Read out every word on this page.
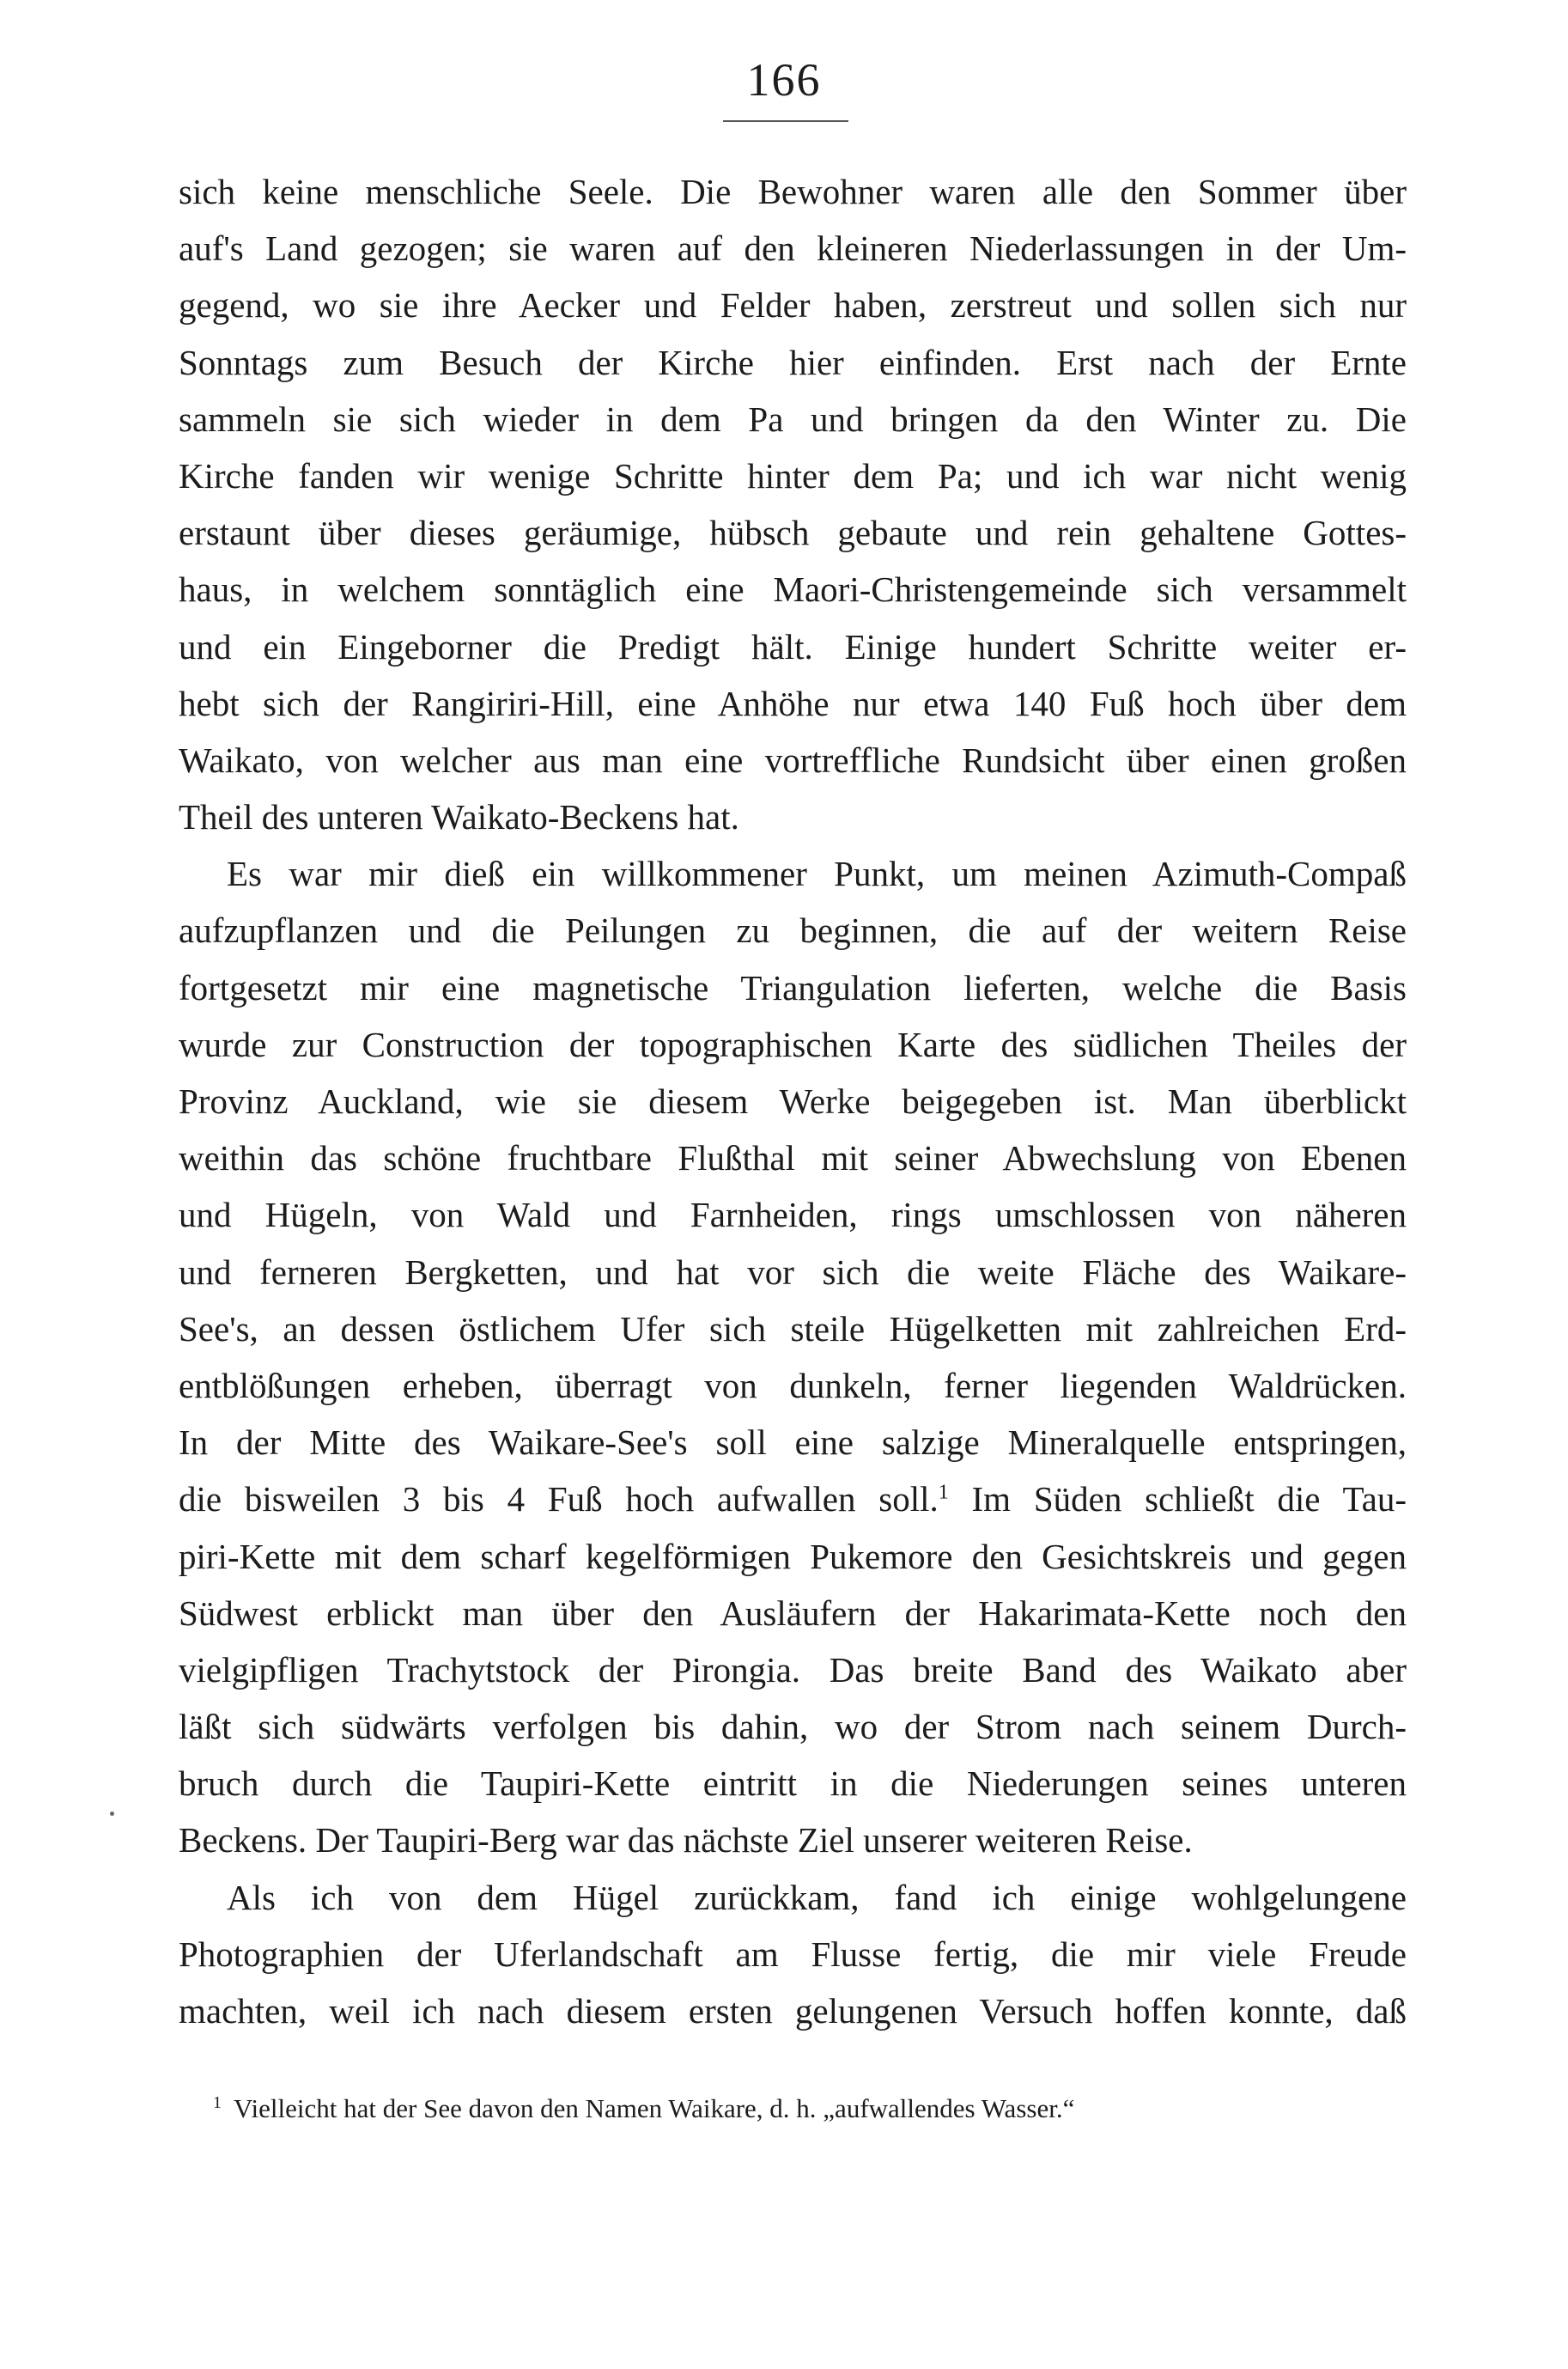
166
sich keine menschliche Seele. Die Bewohner waren alle den Sommer über
auf's Land gezogen; sie waren auf den kleineren Niederlassungen in der Um-
gegend, wo sie ihre Aecker und Felder haben, zerstreut und sollen sich nur
Sonntags zum Besuch der Kirche hier einfinden. Erst nach der Ernte
sammeln sie sich wieder in dem Pa und bringen da den Winter zu. Die
Kirche fanden wir wenige Schritte hinter dem Pa; und ich war nicht wenig
erstaunt über dieses geräumige, hübsch gebaute und rein gehaltene Gottes-
haus, in welchem sonntäglich eine Maori-Christengemeinde sich versammelt
und ein Eingeborner die Predigt hält. Einige hundert Schritte weiter er-
hebt sich der Rangiriri-Hill, eine Anhöhe nur etwa 140 Fuß hoch über dem
Waikato, von welcher aus man eine vortreffliche Rundsicht über einen großen
Theil des unteren Waikato-Beckens hat.
Es war mir dieß ein willkommener Punkt, um meinen Azimuth-Compaß
aufzupflanzen und die Peilungen zu beginnen, die auf der weitern Reise
fortgesetzt mir eine magnetische Triangulation lieferten, welche die Basis
wurde zur Construction der topographischen Karte des südlichen Theiles der
Provinz Auckland, wie sie diesem Werke beigegeben ist. Man überblickt
weithin das schöne fruchtbare Flußthal mit seiner Abwechslung von Ebenen
und Hügeln, von Wald und Farnheiden, rings umschlossen von näheren
und ferneren Bergketten, und hat vor sich die weite Fläche des Waikare-
See's, an dessen östlichem Ufer sich steile Hügelketten mit zahlreichen Erd-
entblößungen erheben, überragt von dunkeln, ferner liegenden Waldrücken.
In der Mitte des Waikare-See's soll eine salzige Mineralquelle entspringen,
die bisweilen 3 bis 4 Fuß hoch aufwallen soll.$^1$ Im Süden schließt die Tau-
piri-Kette mit dem scharf kegelförmigen Pukemore den Gesichtskreis und gegen
Südwest erblickt man über den Ausläufern der Hakarimata-Kette noch den
vielgipfligen Trachytstock der Pirongia. Das breite Band des Waikato aber
läßt sich südwärts verfolgen bis dahin, wo der Strom nach seinem Durch-
bruch durch die Taupiri-Kette eintritt in die Niederungen seines unteren
Beckens. Der Taupiri-Berg war das nächste Ziel unserer weiteren Reise.
Als ich von dem Hügel zurückkam, fand ich einige wohlgelungene
Photographien der Uferlandschaft am Flusse fertig, die mir viele Freude
machten, weil ich nach diesem ersten gelungenen Versuch hoffen konnte, daß
$^1$ Vielleicht hat der See davon den Namen Waikare, d. h. „aufwallendes Wasser.“
